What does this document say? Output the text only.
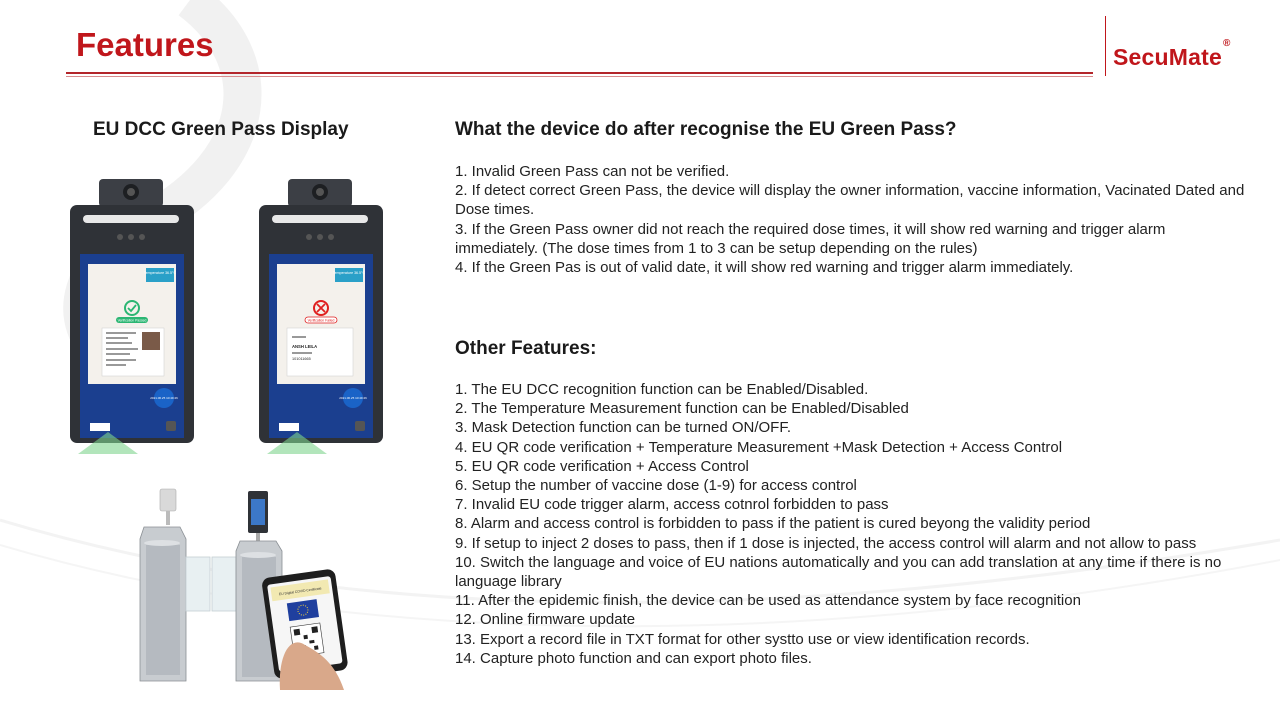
Features	SecuMate®
EU DCC Green Pass Display
Temperature 36.5°C
Verification Passed
2021.06.25 10:49:46
Temperature 36.5°C
Verification Failed
ANSH LEILA
101011665
2021.06.25 10:49:46
EU Digital COVID Certificate
What the device do after recognise the EU Green Pass?
1. Invalid Green Pass can not be verified.
2. If detect correct Green Pass, the device will display the owner information, vaccine information, Vacinated Dated and Dose times.
3. If the Green Pass owner did not reach the required dose times, it will show red warning and trigger alarm immediately. (The dose times from 1 to 3 can be setup depending on the rules)
4. If the Green Pas is out of valid date, it will show red warning and trigger alarm immediately.
Other Features:
1. The EU DCC recognition function can be Enabled/Disabled.
2. The Temperature Measurement function can be Enabled/Disabled
3. Mask Detection function can be turned ON/OFF.
4. EU QR code verification + Temperature Measurement +Mask Detection + Access Control
5. EU QR code verification + Access Control
6. Setup the number of vaccine dose (1-9) for access control
7. Invalid EU code trigger alarm, access cotnrol forbidden to pass
8. Alarm and access control is forbidden to pass if the patient is cured beyong the validity period
9. If setup to inject 2 doses to pass, then if 1 dose is injected, the access control will alarm and not allow to pass
10. Switch the language and voice of EU nations automatically and you can add translation at any time if there is no language library
11. After the epidemic finish, the device can be used as attendance system by face recognition
12. Online firmware update
13. Export a record file in TXT format for other systto use or view identification records.
14. Capture photo function and can export photo files.
